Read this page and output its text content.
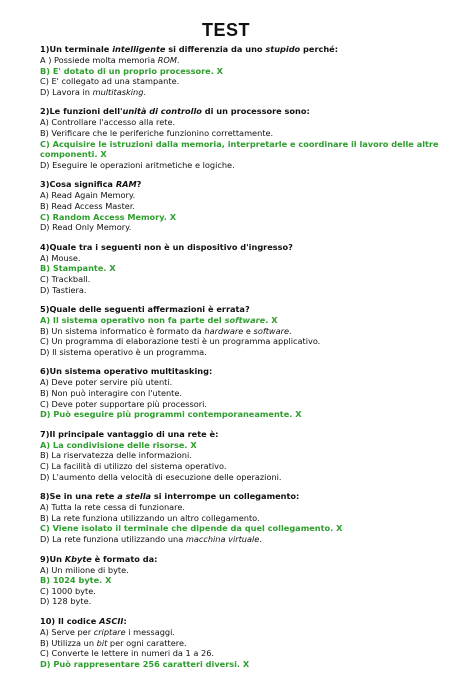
TEST
1)Un terminale intelligente si differenzia da uno stupido perché:
A ) Possiede molta memoria ROM.
B) E' dotato di un proprio processore. X
C) E' collegato ad una stampante.
D) Lavora in multitasking.
2)Le funzioni dell'unità di controllo di un processore sono:
A) Controllare l'accesso alla rete.
B) Verificare che le periferiche funzionino correttamente.
C) Acquisire le istruzioni dalla memoria, interpretarle e coordinare il lavoro delle altre componenti. X
D) Eseguire le operazioni aritmetiche e logiche.
3)Cosa significa RAM?
A) Read Again Memory.
B) Read Access Master.
C) Random Access Memory. X
D) Read Only Memory.
4)Quale tra i seguenti non è un dispositivo d'ingresso?
A) Mouse.
B) Stampante. X
C) Trackball.
D) Tastiera.
5)Quale delle seguenti affermazioni è errata?
A) Il sistema operativo non fa parte del software. X
B) Un sistema informatico è formato da hardware e software.
C) Un programma di elaborazione testi è un programma applicativo.
D) Il sistema operativo è un programma.
6)Un sistema operativo multitasking:
A) Deve poter servire più utenti.
B) Non può interagire con l'utente.
C) Deve poter supportare più processori.
D) Può eseguire più programmi contemporaneamente. X
7)Il principale vantaggio di una rete è:
A) La condivisione delle risorse. X
B) La riservatezza delle informazioni.
C) La facilità di utilizzo del sistema operativo.
D) L'aumento della velocità di esecuzione delle operazioni.
8)Se in una rete a stella si interrompe un collegamento:
A) Tutta la rete cessa di funzionare.
B) La rete funziona utilizzando un altro collegamento.
C) Viene isolato il terminale che dipende da quel collegamento. X
D) La rete funziona utilizzando una macchina virtuale.
9)Un Kbyte è formato da:
A) Un milione di byte.
B) 1024 byte. X
C) 1000 byte.
D) 128 byte.
10) Il codice ASCII:
A) Serve per criptare i messaggi.
B) Utilizza un bit per ogni carattere.
C) Converte le lettere in numeri da 1 a 26.
D) Può rappresentare 256 caratteri diversi. X
